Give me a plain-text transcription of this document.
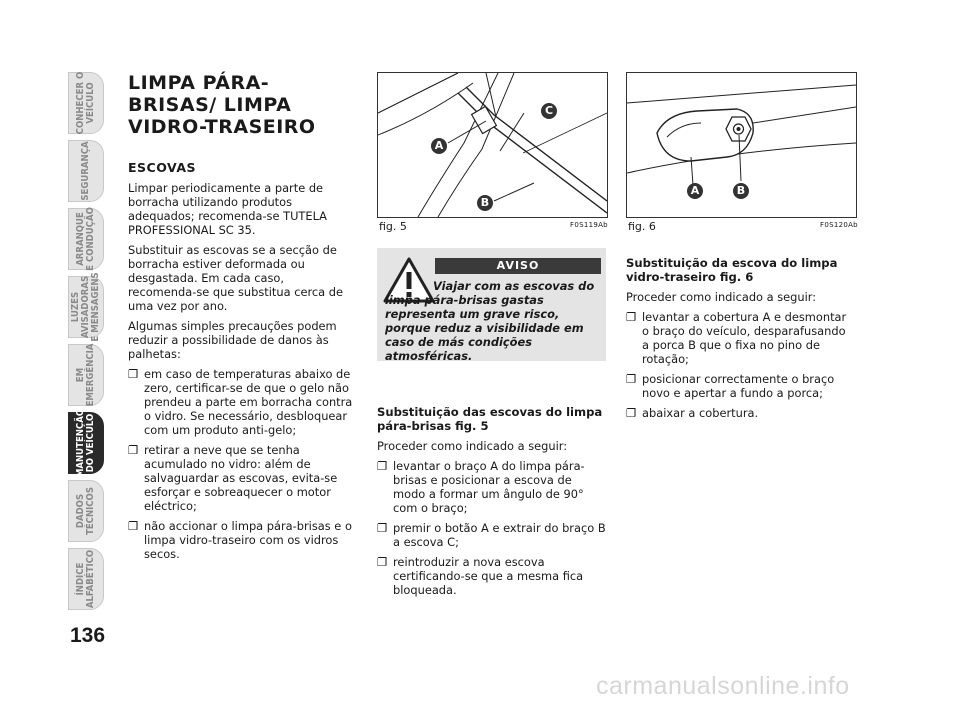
CONHECER O
VEÍCULO
SEGURANÇA
ARRANQUE
E CONDUÇÃO
LUZES
AVISADORAS
E MENSAGENS
EM
EMERGÊNCIA
MANUTENÇÃO
DO VEÍCULO
DADOS
TÉCNICOS
ÍNDICE
ALFABÉTICO
136
LIMPA PÁRA-BRISAS/ LIMPA VIDRO-TRASEIRO
ESCOVAS

Limpar periodicamente a parte de borracha utilizando produtos adequados; recomenda-se TUTELA PROFESSIONAL SC 35.

Substituir as escovas se a secção de borracha estiver deformada ou desgastada. Em cada caso, recomenda-se que substitua cerca de uma vez por ano.

Algumas simples precauções podem reduzir a possibilidade de danos às palhetas:

❐ em caso de temperaturas abaixo de zero, certificar-se de que o gelo não prendeu a parte em borracha contra o vidro. Se necessário, desbloquear com um produto anti-gelo;
❐ retirar a neve que se tenha acumulado no vidro: além de salvaguardar as escovas, evita-se esforçar e sobreaquecer o motor eléctrico;
❐ não accionar o limpa pára-brisas e o limpa vidro-traseiro com os vidros secos.
A
C
B
fig. 5	F0S119Ab
AVISO
Viajar com as escovas do limpa pára-brisas gastas representa um grave risco, porque reduz a visibilidade em caso de más condições atmosféricas.

Substituição das escovas do limpa pára-brisas fig. 5

Proceder como indicado a seguir:

❐ levantar o braço A do limpa pára-brisas e posicionar a escova de modo a formar um ângulo de 90° com o braço;
❐ premir o botão A e extrair do braço B a escova C;
❐ reintroduzir a nova escova certificando-se que a mesma fica bloqueada.
A	B
fig. 6	F0S120Ab

Substituição da escova do limpa vidro-traseiro fig. 6

Proceder como indicado a seguir:

❐ levantar a cobertura A e desmontar o braço do veículo, desparafusando a porca B que o fixa no pino de rotação;
❐ posicionar correctamente o braço novo e apertar a fundo a porca;
❐ abaixar a cobertura.
carmanualsonline.info
